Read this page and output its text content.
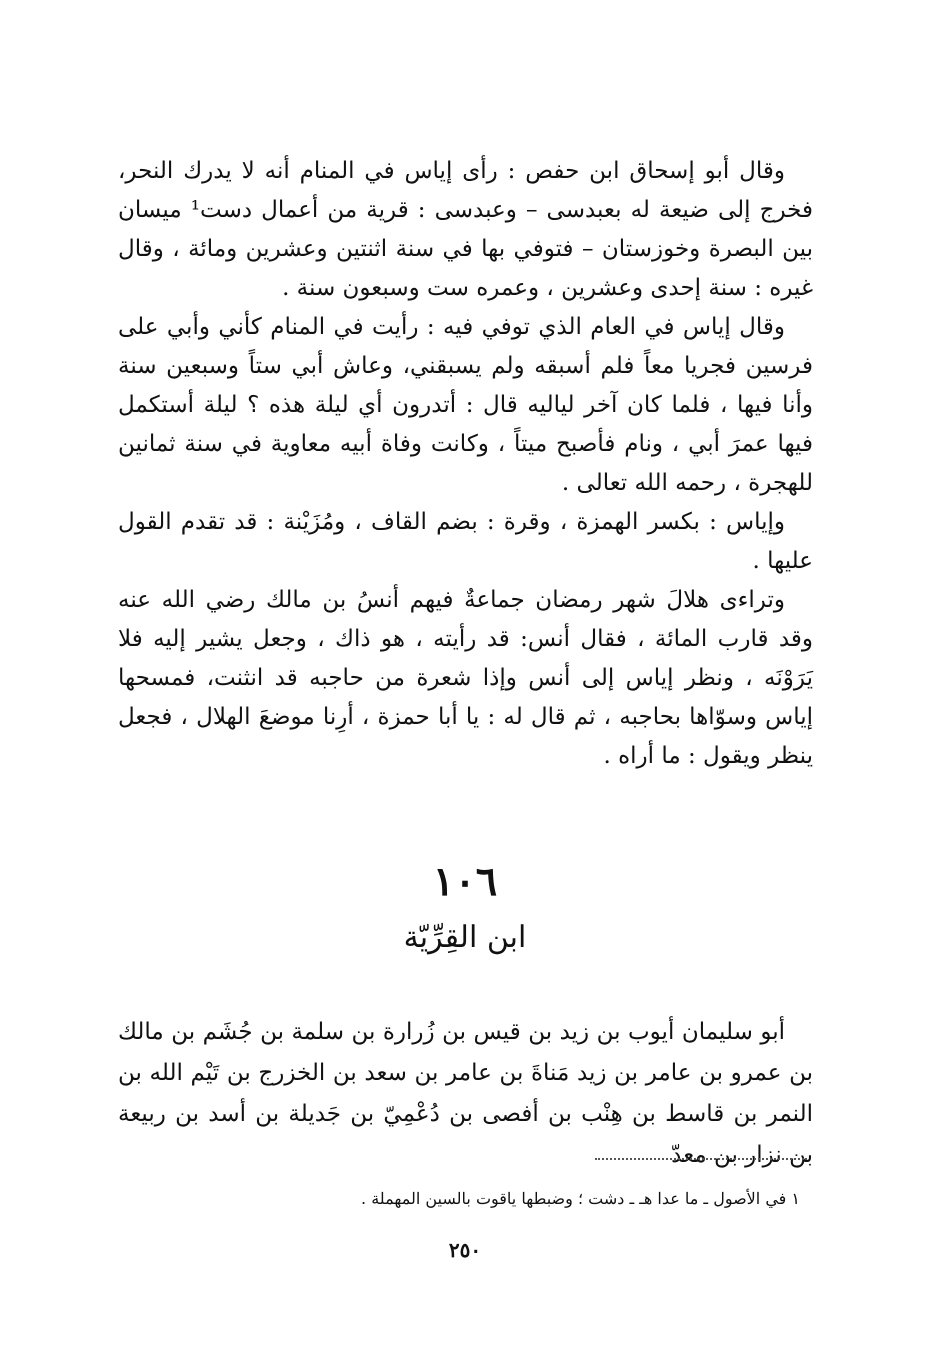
وقال أبو إسحاق ابن حفص : رأى إياس في المنام أنه لا يدرك النحر، فخرج إلى ضيعة له بعبدسى – وعبدسى : قرية من أعمال دست¹ ميسان بين البصرة وخوزستان – فتوفي بها في سنة اثنتين وعشرين ومائة ، وقال غيره : سنة إحدى وعشرين ، وعمره ست وسبعون سنة .

وقال إياس في العام الذي توفي فيه : رأيت في المنام كأني وأبي على فرسين فجريا معاً فلم أسبقه ولم يسبقني، وعاش أبي ستاً وسبعين سنة وأنا فيها ، فلما كان آخر لياليه قال : أتدرون أي ليلة هذه ؟ ليلة أستكمل فيها عمرَ أبي ، ونام فأصبح ميتاً ، وكانت وفاة أبيه معاوية في سنة ثمانين للهجرة ، رحمه الله تعالى .

وإياس : بكسر الهمزة ، وقرة : بضم القاف ، ومُزَيْنة : قد تقدم القول عليها .

وتراءى هلالَ شهر رمضان جماعةٌ فيهم أنسُ بن مالك رضي الله عنه وقد قارب المائة ، فقال أنس: قد رأيته ، هو ذاك ، وجعل يشير إليه فلا يَرَوْنَه ، ونظر إياس إلى أنس وإذا شعرة من حاجبه قد انثنت، فمسحها إياس وسوّاها بحاجبه ، ثم قال له : يا أبا حمزة ، أرِنا موضعَ الهلال ، فجعل ينظر ويقول : ما أراه .

١٠٦
ابن القِرِّيّة

أبو سليمان أيوب بن زيد بن قيس بن زُرارة بن سلمة بن جُشَم بن مالك بن عمرو بن عامر بن زيد مَناةَ بن عامر بن سعد بن الخزرج بن تَيْم الله بن النمر بن قاسط بن هِنْب بن أفصى بن دُعْمِيّ بن جَديلة بن أسد بن ربيعة بن نزار بن معدّ

١ في الأصول ـ ما عدا هـ ـ دشت ؛ وضبطها ياقوت بالسين المهملة .
٢٥٠
